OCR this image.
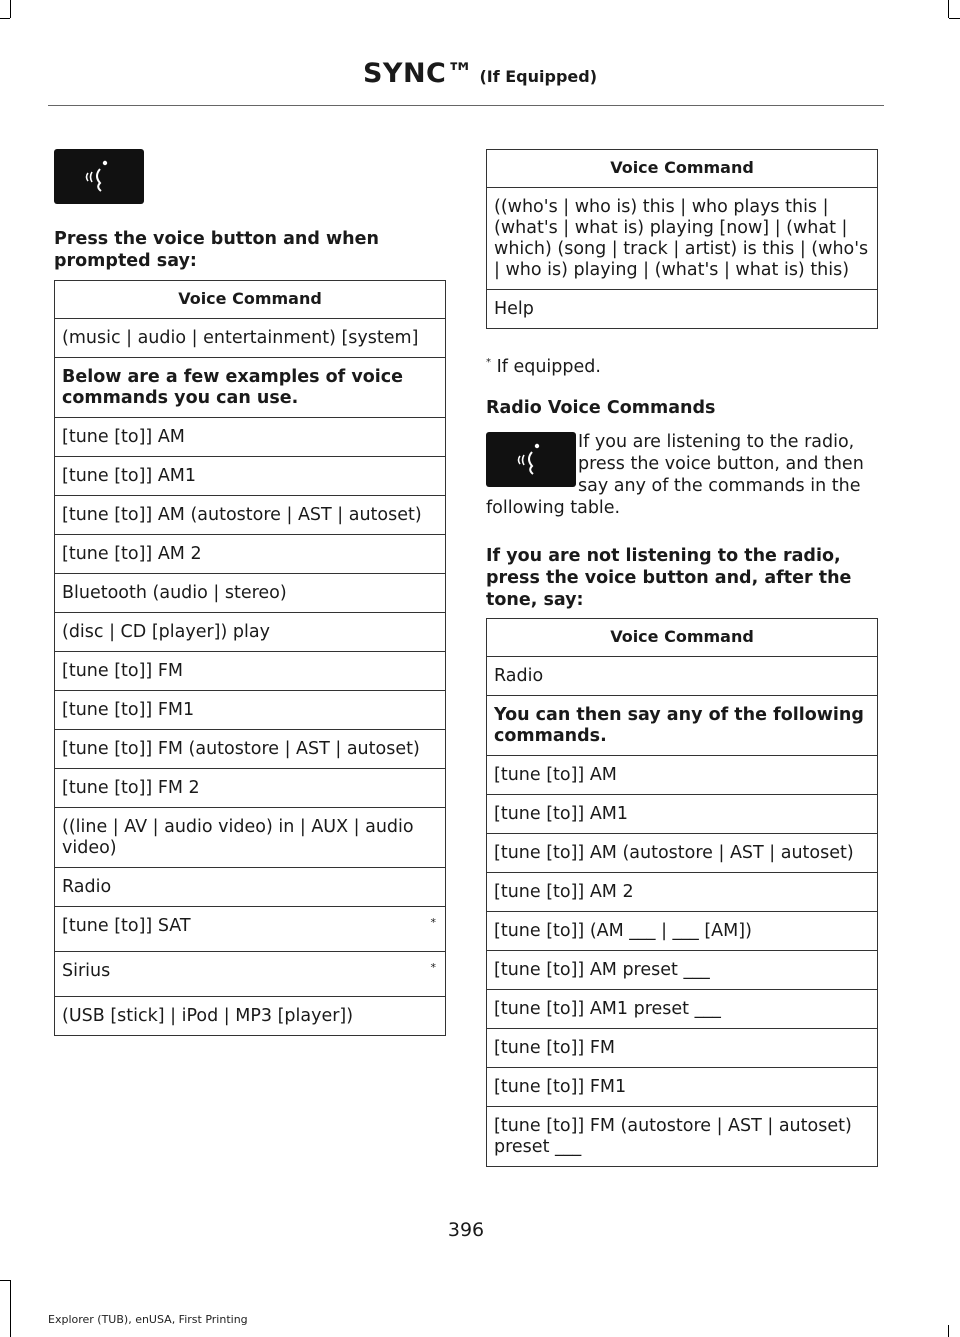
SYNC™ (If Equipped)
Press the voice button and when prompted say:
Voice Command
(music | audio | entertainment) [system]
Below are a few examples of voice commands you can use.
[tune [to]] AM
[tune [to]] AM1
[tune [to]] AM (autostore | AST | autoset)
[tune [to]] AM 2
Bluetooth (audio | stereo)
(disc | CD [player]) play
[tune [to]] FM
[tune [to]] FM1
[tune [to]] FM (autostore | AST | autoset)
[tune [to]] FM 2
((line | AV | audio video) in | AUX | audio video)
Radio

[tune [to]] SAT	*

Sirius	*

(USB [stick] | iPod | MP3 [player])
Voice Command
((who's | who is) this | who plays this | (what's | what is) playing [now] | (what | which) (song | track | artist) is this | (who's | who is) playing | (what's | what is) this)
Help
* If equipped.
Radio Voice Commands
If you are listening to the radio, press the voice button, and then say any of the commands in the following table.
If you are not listening to the radio, press the voice button and, after the tone, say:
Voice Command
Radio
You can then say any of the following commands.
[tune [to]] AM
[tune [to]] AM1
[tune [to]] AM (autostore | AST | autoset)
[tune [to]] AM 2
[tune [to]] (AM ___ | ___ [AM])
[tune [to]] AM preset ___
[tune [to]] AM1 preset ___
[tune [to]] FM
[tune [to]] FM1
[tune [to]] FM (autostore | AST | autoset) preset ___
396
Explorer (TUB), enUSA, First Printing
